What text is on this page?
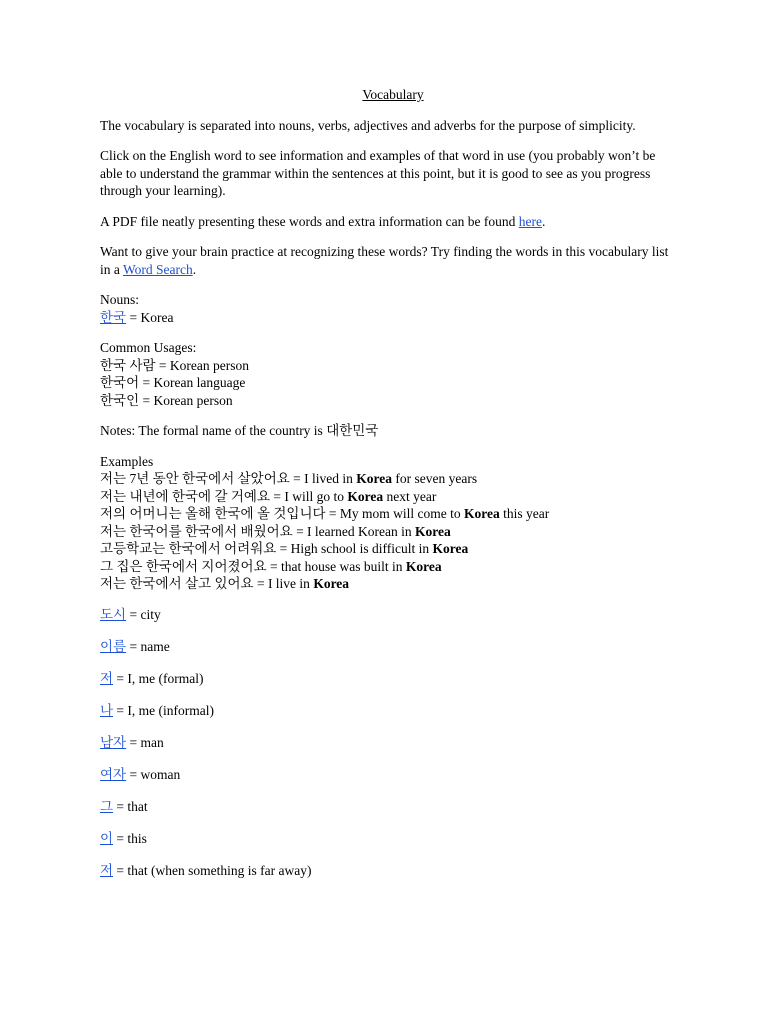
Vocabulary

The vocabulary is separated into nouns, verbs, adjectives and adverbs for the purpose of simplicity.

Click on the English word to see information and examples of that word in use (you probably won’t be able to understand the grammar within the sentences at this point, but it is good to see as you progress through your learning).

A PDF file neatly presenting these words and extra information can be found here.

Want to give your brain practice at recognizing these words? Try finding the words in this vocabulary list in a Word Search.

Nouns:
한국 = Korea

Common Usages:
한국 사람 = Korean person
한국어 = Korean language
한국인 = Korean person

Notes: The formal name of the country is 대한민국

Examples
저는 7년 동안 한국에서 살았어요 = I lived in Korea for seven years
저는 내년에 한국에 갈 거예요 = I will go to Korea next year
저의 어머니는 올해 한국에 올 것입니다 = My mom will come to Korea this year
저는 한국어를 한국에서 배웠어요 = I learned Korean in Korea
고등학교는 한국에서 어려워요 = High school is difficult in Korea
그 집은 한국에서 지어졌어요 = that house was built in Korea
저는 한국에서 살고 있어요 = I live in Korea

도시 = city
이름 = name
저 = I, me (formal)
나 = I, me (informal)
남자 = man
여자 = woman
그 = that
이 = this
저 = that (when something is far away)
